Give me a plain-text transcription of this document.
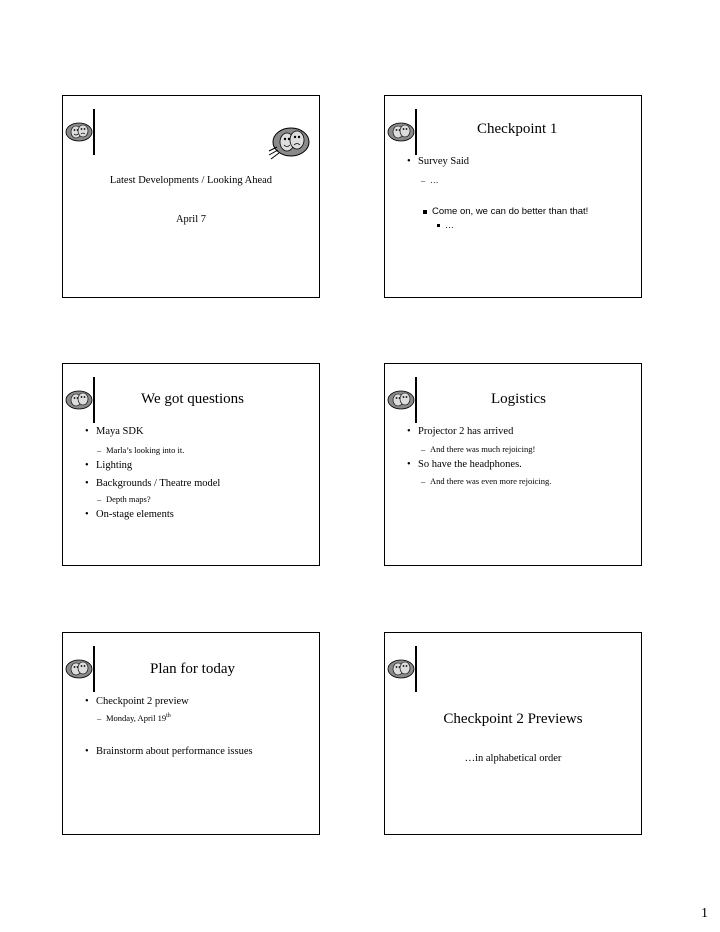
Latest Developments / Looking Ahead
April 7
Checkpoint 1
• Survey Said
– …
Come on, we can do better than that!
…
We got questions
• Maya SDK
– Marla’s looking into it.
• Lighting
• Backgrounds / Theatre model
– Depth maps?
• On-stage elements
Logistics
• Projector 2 has arrived
– And there was much rejoicing!
• So have the headphones.
– And there was even more rejoicing.
Plan for today
• Checkpoint 2 preview
– Monday, April 19th
• Brainstorm about performance issues
Checkpoint 2 Previews
…in alphabetical order
1
